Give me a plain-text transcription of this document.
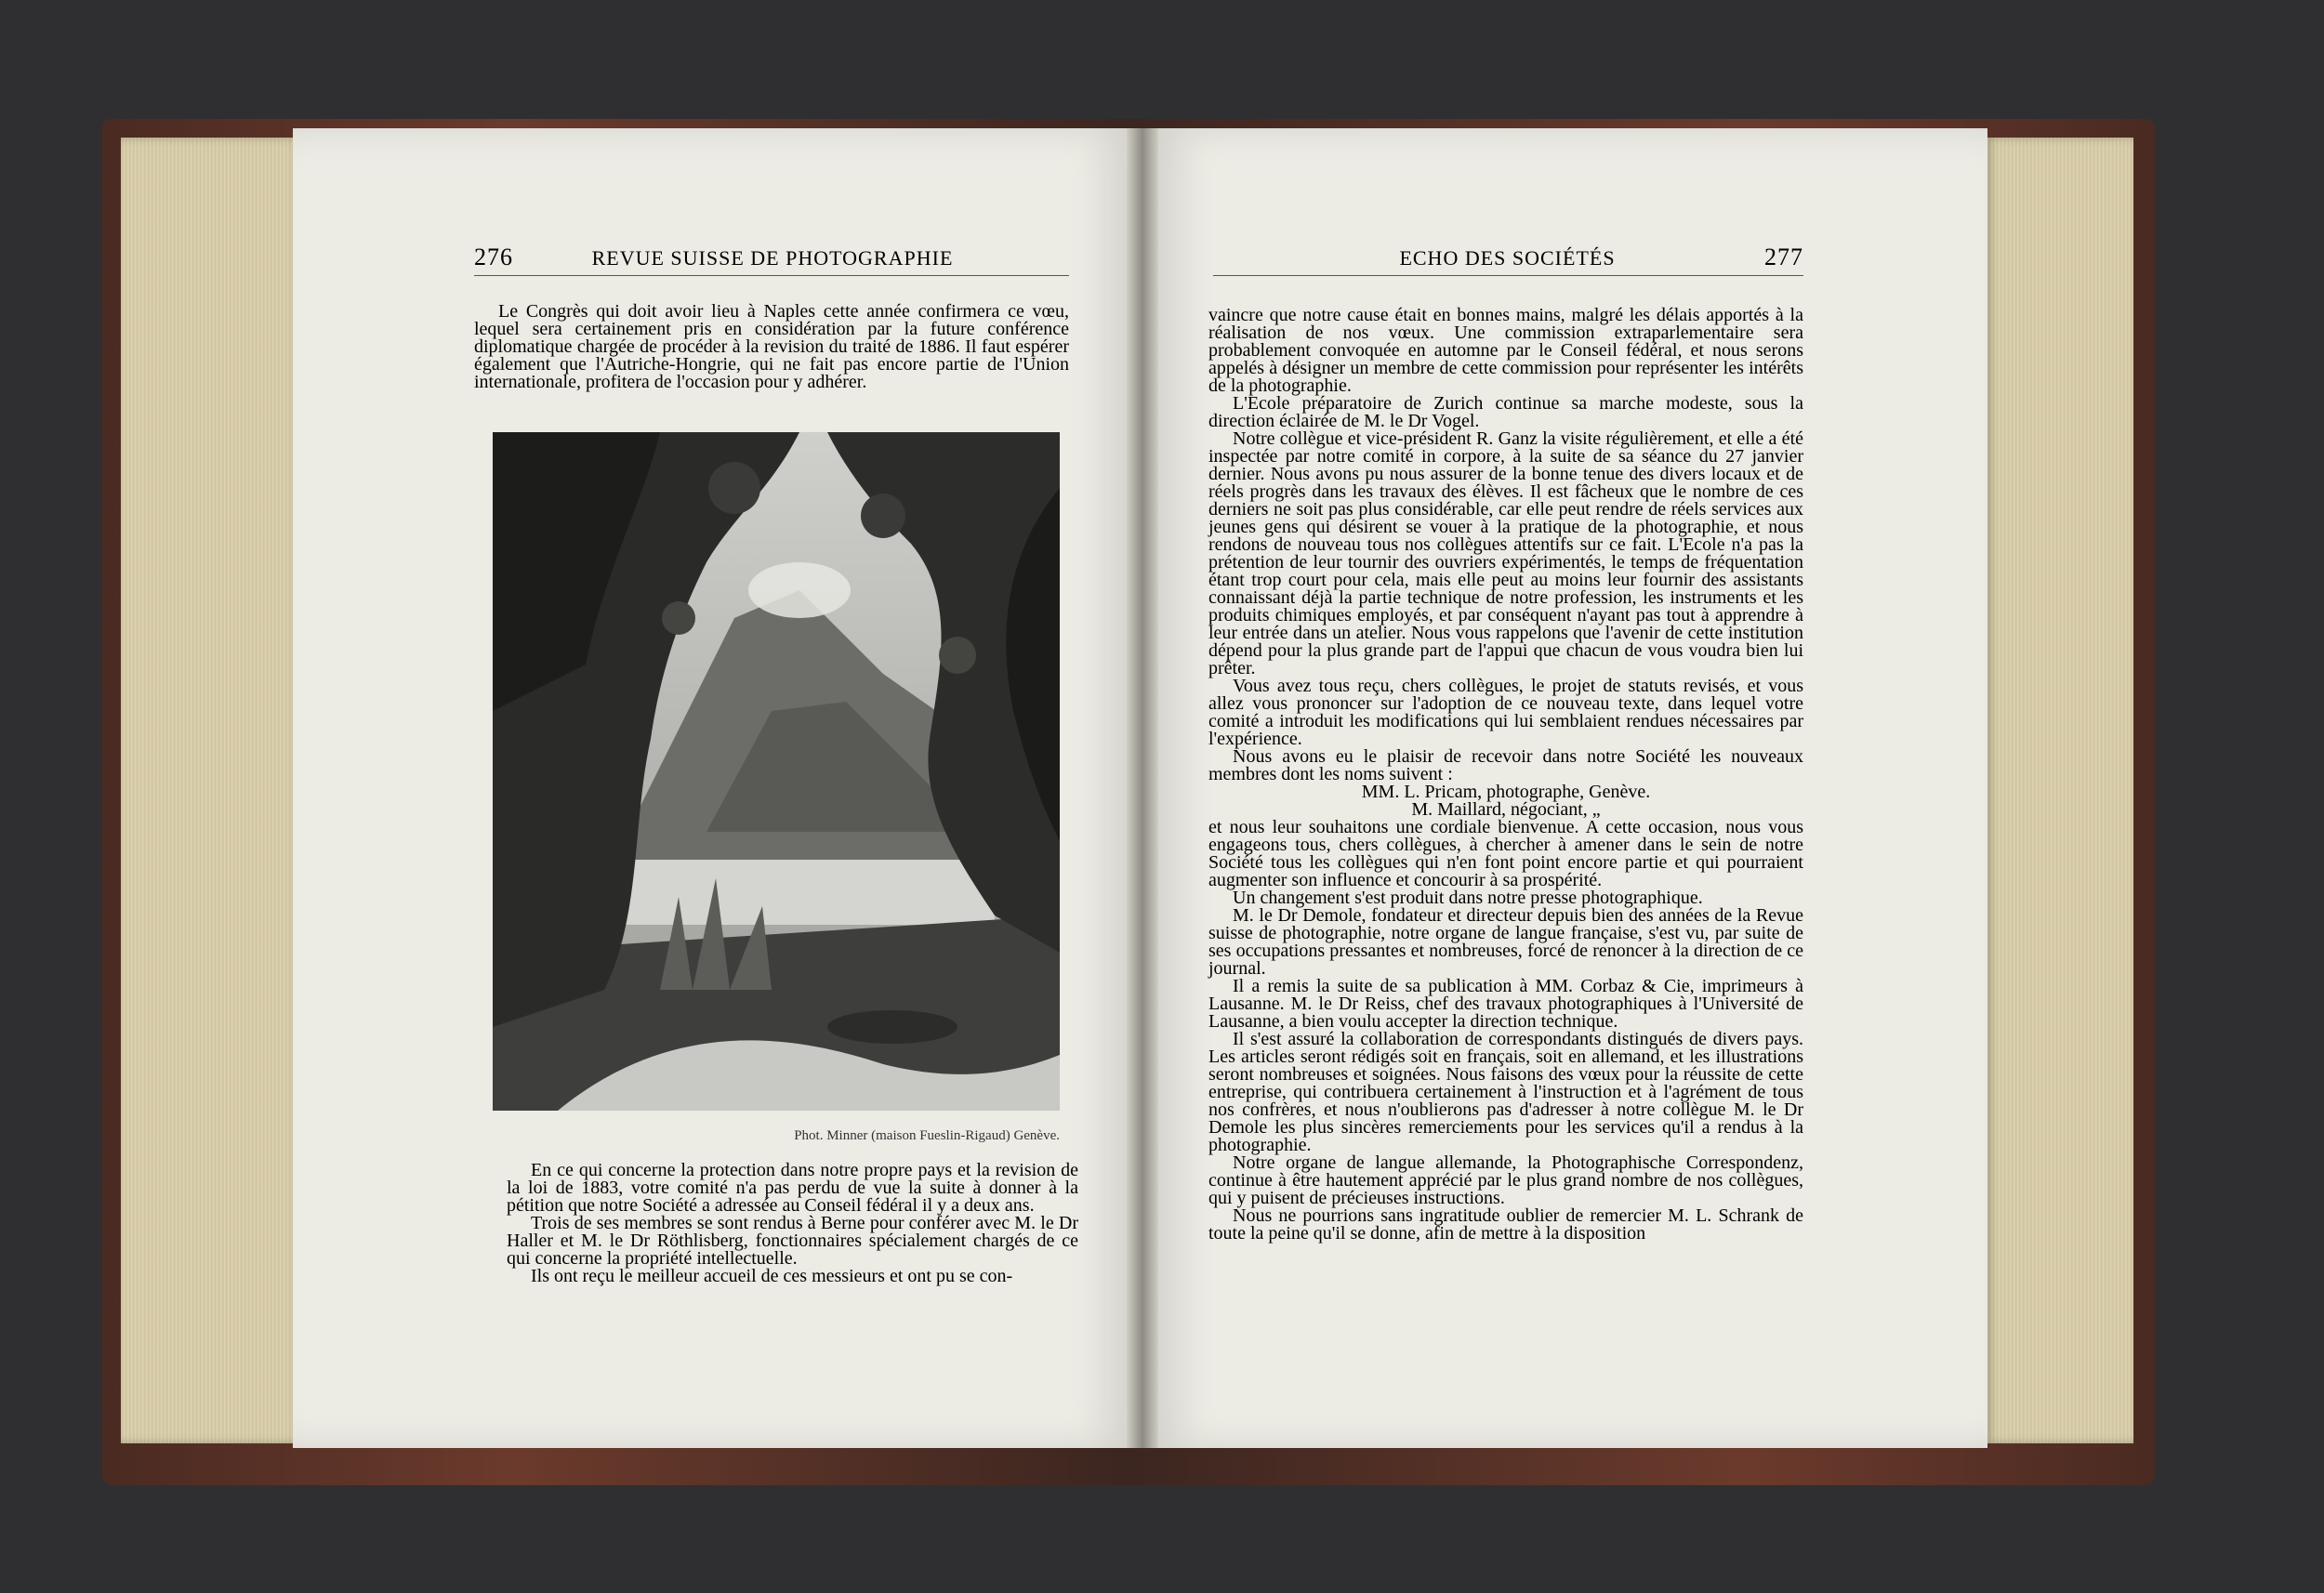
276	REVUE SUISSE DE PHOTOGRAPHIE

Le Congrès qui doit avoir lieu à Naples cette année confirmera ce vœu, lequel sera certainement pris en considération par la future conférence diplomatique chargée de procéder à la revision du traité de 1886. Il faut espérer également que l'Autriche-Hongrie, qui ne fait pas encore partie de l'Union internationale, profitera de l'occasion pour y adhérer.

Phot. Minner (maison Fueslin-Rigaud) Genève.

En ce qui concerne la protection dans notre propre pays et la revision de la loi de 1883, votre comité n'a pas perdu de vue la suite à donner à la pétition que notre Société a adressée au Conseil fédéral il y a deux ans.

Trois de ses membres se sont rendus à Berne pour conférer avec M. le Dr Haller et M. le Dr Röthlisberg, fonctionnaires spécialement chargés de ce qui concerne la propriété intellectuelle.

Ils ont reçu le meilleur accueil de ces messieurs et ont pu se con-

ECHO DES SOCIÉTÉS	277

vaincre que notre cause était en bonnes mains, malgré les délais apportés à la réalisation de nos vœux. Une commission extraparlementaire sera probablement convoquée en automne par le Conseil fédéral, et nous serons appelés à désigner un membre de cette commission pour représenter les intérêts de la photographie.

L'Ecole préparatoire de Zurich continue sa marche modeste, sous la direction éclairée de M. le Dr Vogel.

Notre collègue et vice-président R. Ganz la visite régulièrement, et elle a été inspectée par notre comité in corpore, à la suite de sa séance du 27 janvier dernier. Nous avons pu nous assurer de la bonne tenue des divers locaux et de réels progrès dans les travaux des élèves. Il est fâcheux que le nombre de ces derniers ne soit pas plus considérable, car elle peut rendre de réels services aux jeunes gens qui désirent se vouer à la pratique de la photographie, et nous rendons de nouveau tous nos collègues attentifs sur ce fait. L'Ecole n'a pas la prétention de leur tournir des ouvriers expérimentés, le temps de fréquentation étant trop court pour cela, mais elle peut au moins leur fournir des assistants connaissant déjà la partie technique de notre profession, les instruments et les produits chimiques employés, et par conséquent n'ayant pas tout à apprendre à leur entrée dans un atelier. Nous vous rappelons que l'avenir de cette institution dépend pour la plus grande part de l'appui que chacun de vous voudra bien lui prêter.

Vous avez tous reçu, chers collègues, le projet de statuts revisés, et vous allez vous prononcer sur l'adoption de ce nouveau texte, dans lequel votre comité a introduit les modifications qui lui semblaient rendues nécessaires par l'expérience.

Nous avons eu le plaisir de recevoir dans notre Société les nouveaux membres dont les noms suivent :

MM. L. Pricam, photographe, Genève.

M. Maillard, négociant, „

et nous leur souhaitons une cordiale bienvenue. A cette occasion, nous vous engageons tous, chers collègues, à chercher à amener dans le sein de notre Société tous les collègues qui n'en font point encore partie et qui pourraient augmenter son influence et concourir à sa prospérité.

Un changement s'est produit dans notre presse photographique.

M. le Dr Demole, fondateur et directeur depuis bien des années de la Revue suisse de photographie, notre organe de langue française, s'est vu, par suite de ses occupations pressantes et nombreuses, forcé de renoncer à la direction de ce journal.

Il a remis la suite de sa publication à MM. Corbaz & Cie, imprimeurs à Lausanne. M. le Dr Reiss, chef des travaux photographiques à l'Université de Lausanne, a bien voulu accepter la direction technique.

Il s'est assuré la collaboration de correspondants distingués de divers pays. Les articles seront rédigés soit en français, soit en allemand, et les illustrations seront nombreuses et soignées. Nous faisons des vœux pour la réussite de cette entreprise, qui contribuera certainement à l'instruction et à l'agrément de tous nos confrères, et nous n'oublierons pas d'adresser à notre collègue M. le Dr Demole les plus sincères remerciements pour les services qu'il a rendus à la photographie.

Notre organe de langue allemande, la Photographische Correspondenz, continue à être hautement apprécié par le plus grand nombre de nos collègues, qui y puisent de précieuses instructions.

Nous ne pourrions sans ingratitude oublier de remercier M. L. Schrank de toute la peine qu'il se donne, afin de mettre à la disposition
